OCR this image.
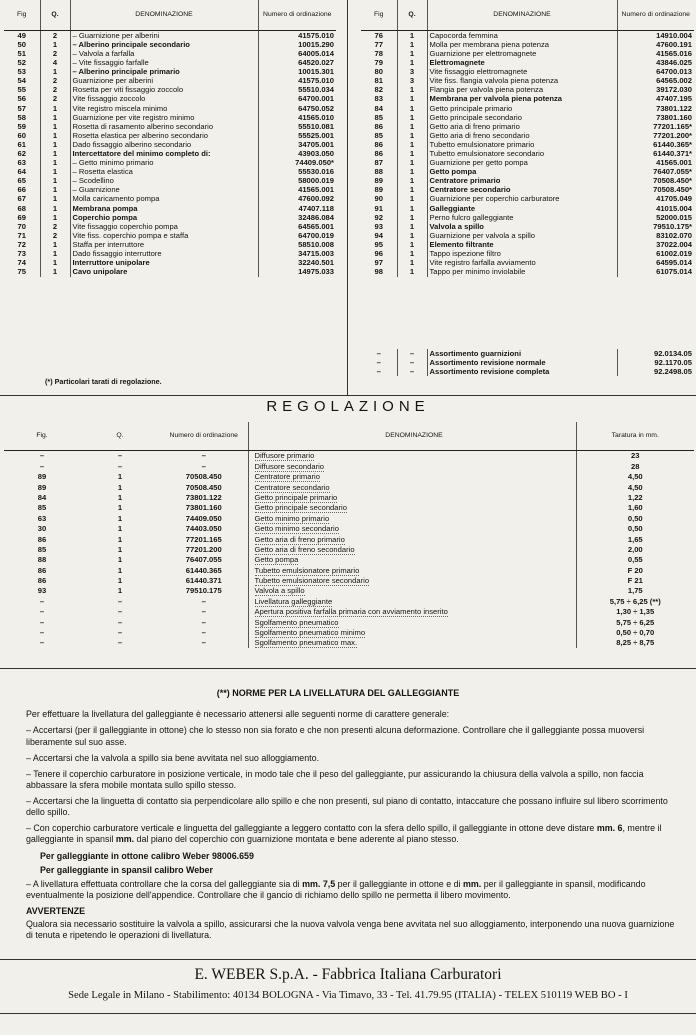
Fig	Q.	DENOMINAZIONE	Numero di ordinazione
49	2	– Guarnizione per alberini	41575.010
50	1	– Alberino principale secondario	10015.290
51	2	– Valvola a farfalla	64005.014
52	4	– Vite fissaggio farfalle	64520.027
53	1	– Alberino principale primario	10015.301
54	2	Guarnizione per alberini	41575.010
55	2	Rosetta per viti fissaggio zoccolo	55510.034
56	2	Vite fissaggio zoccolo	64700.001
57	1	Vite registro miscela minimo	64750.052
58	1	Guarnizione per vite registro minimo	41565.010
59	1	Rosetta di rasamento alberino secondario	55510.081
60	1	Rosetta elastica per alberino secondario	55525.001
61	1	Dado fissaggio alberino secondario	34705.001
62	1	Intercettatore del minimo completo di:	43903.050
63	1	– Getto minimo primario	74409.050*
64	1	– Rosetta elastica	55530.016
65	1	– Scodellino	58000.019
66	1	– Guarnizione	41565.001
67	1	Molla caricamento pompa	47600.092
68	1	Membrana pompa	47407.118
69	1	Coperchio pompa	32486.084
70	2	Vite fissaggio coperchio pompa	64565.001
71	2	Vite fiss. coperchio pompa e staffa	64700.019
72	1	Staffa per interruttore	58510.008
73	1	Dado fissaggio interruttore	34715.003
74	1	Interruttore unipolare	32240.501
75	1	Cavo unipolare	14975.033
Fig	Q.	DENOMINAZIONE	Numero di ordinazione
76	1	Capocorda femmina	14910.004
77	1	Molla per membrana piena potenza	47600.191
78	1	Guarnizione per elettromagnete	41565.016
79	1	Elettromagnete	43846.025
80	3	Vite fissaggio elettromagnete	64700.013
81	3	Vite fiss. flangia valvola piena potenza	64565.002
82	1	Flangia per valvola piena potenza	39172.030
83	1	Membrana per valvola piena potenza	47407.195
84	1	Getto principale primario	73801.122
85	1	Getto principale secondario	73801.160
86	1	Getto aria di freno primario	77201.165*
85	1	Getto aria di freno secondario	77201.200*
86	1	Tubetto emulsionatore primario	61440.365*
86	1	Tubetto emulsionatore secondario	61440.371*
87	1	Guarnizione per getto pompa	41565.001
88	1	Getto pompa	76407.055*
89	1	Centratore primario	70508.450*
89	1	Centratore secondario	70508.450*
90	1	Guarnizione per coperchio carburatore	41705.049
91	1	Galleggiante	41015.004
92	1	Perno fulcro galleggiante	52000.015
93	1	Valvola a spillo	79510.175*
94	1	Guarnizione per valvola a spillo	83102.070
95	1	Elemento filtrante	37022.004
96	1	Tappo ispezione filtro	61002.019
97	1	Vite registro farfalla avviamento	64595.014
98	1	Tappo per minimo inviolabile	61075.014
–	–	Assortimento guarnizioni	92.0134.05
–	–	Assortimento revisione normale	92.1170.05
–	–	Assortimento revisione completa	92.2498.05
(*) Particolari tarati di regolazione.
REGOLAZIONE
Fig.	Q.	Numero di ordinazione	DENOMINAZIONE	Taratura in mm.
–	–	–	Diffusore primario	23
–	–	–	Diffusore secondario	28
89	1	70508.450	Centratore primario	4,50
89	1	70508.450	Centratore secondario	4,50
84	1	73801.122	Getto principale primario	1,22
85	1	73801.160	Getto principale secondario	1,60
63	1	74409.050	Getto minimo primario	0,50
30	1	74403.050	Getto minimo secondario	0,50
86	1	77201.165	Getto aria di freno primario	1,65
85	1	77201.200	Getto aria di freno secondario	2,00
88	1	76407.055	Getto pompa	0,55
86	1	61440.365	Tubetto emulsionatore primario	F 20
86	1	61440.371	Tubetto emulsionatore secondario	F 21
93	1	79510.175	Valvola a spillo	1,75
–	–	–	Livellatura galleggiante	5,75 ÷ 6,25 (**)
–	–	–	Apertura positiva farfalla primaria con avviamento inserito	1,30 ÷ 1,35
–	–	–	Sgolfamento pneumatico	5,75 ÷ 6,25
–	–	–	Sgolfamento pneumatico minimo	0,50 ÷ 0,70
–	–	–	Sgolfamento pneumatico max.	8,25 ÷ 8,75
(**) NORME PER LA LIVELLATURA DEL GALLEGGIANTE

Per effettuare la livellatura del galleggiante è necessario attenersi alle seguenti norme di carattere generale:

– Accertarsi (per il galleggiante in ottone) che lo stesso non sia forato e che non presenti alcuna deformazione. Controllare che il galleggiante possa muoversi liberamente sul suo asse.

– Accertarsi che la valvola a spillo sia bene avvitata nel suo alloggiamento.

– Tenere il coperchio carburatore in posizione verticale, in modo tale che il peso del galleggiante, pur assicurando la chiusura della valvola a spillo, non faccia abbassare la sfera mobile montata sullo spillo stesso.

– Accertarsi che la linguetta di contatto sia perpendicolare allo spillo e che non presenti, sul piano di contatto, intaccature che possano influire sul libero scorrimento dello spillo.

– Con coperchio carburatore verticale e linguetta del galleggiante a leggero contatto con la sfera dello spillo, il galleggiante in ottone deve distare mm. 6, mentre il galleggiante in spansil mm. dal piano del coperchio con guarnizione montata e bene aderente al piano stesso.

Per galleggiante in ottone calibro Weber 98006.659

Per galleggiante in spansil calibro Weber

– A livellatura effettuata controllare che la corsa del galleggiante sia di mm. 7,5 per il galleggiante in ottone e di mm. per il galleggiante in spansil, modificando eventualmente la posizione dell'appendice. Controllare che il gancio di richiamo dello spillo ne permetta il libero movimento.

AVVERTENZE

Qualora sia necessario sostituire la valvola a spillo, assicurarsi che la nuova valvola venga bene avvitata nel suo alloggiamento, interponendo una nuova guarnizione di tenuta e ripetendo le operazioni di livellatura.

E. WEBER S.p.A. - Fabbrica Italiana Carburatori
Sede Legale in Milano - Stabilimento: 40134 BOLOGNA - Via Timavo, 33 - Tel. 41.79.95 (ITALIA) - TELEX 510119 WEB BO - I
